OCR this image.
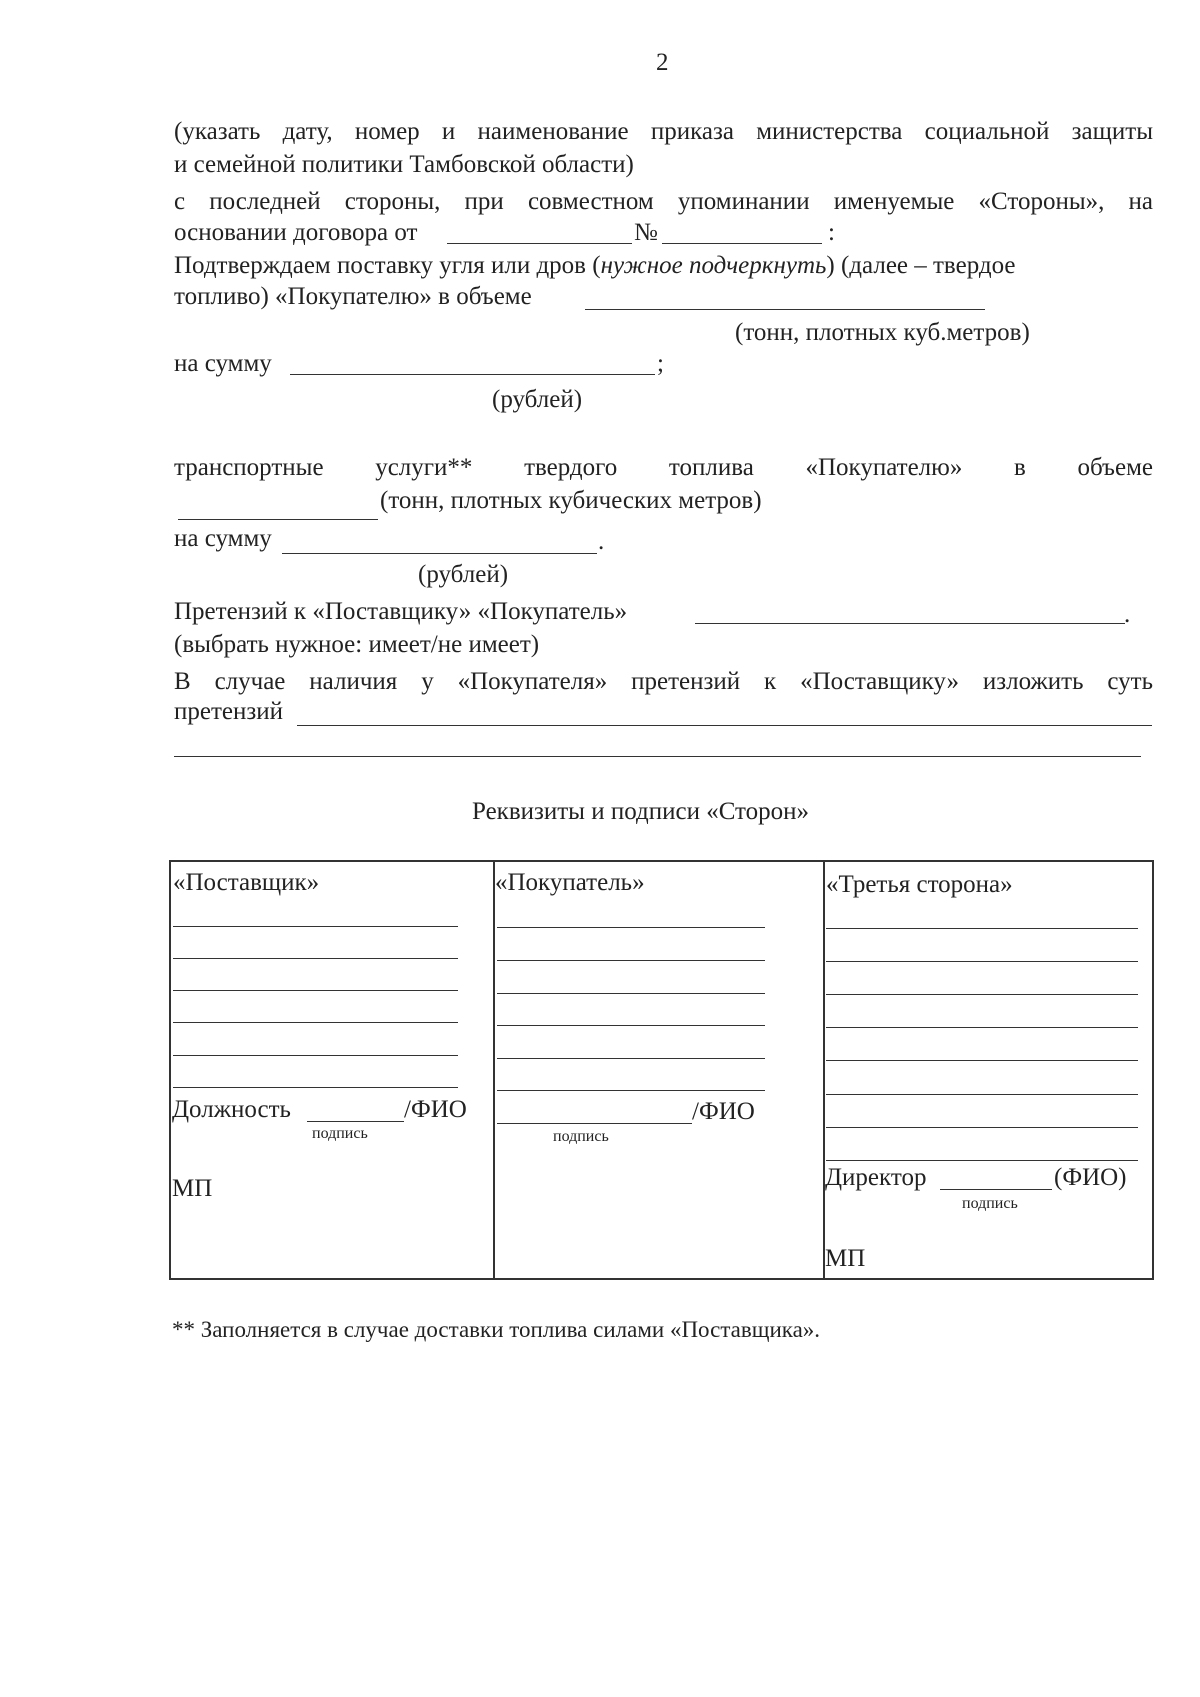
2
(указать дату, номер и наименование приказа министерства социальной защиты
и семейной политики Тамбовской области)
с последней стороны, при совместном упоминании именуемые «Стороны», на
основании договора от	№	:
Подтверждаем поставку угля или дров (нужное подчеркнуть) (далее – твердое
топливо) «Покупателю» в объеме
(тонн, плотных куб.метров)
на сумму	;
(рублей)
транспортные услуги** твердого топлива «Покупателю» в объеме
(тонн, плотных кубических метров)
на сумму	.
(рублей)
Претензий к «Поставщику» «Покупатель»	.
(выбрать нужное: имеет/не имеет)
В случае наличия у «Покупателя» претензий к «Поставщику» изложить суть
претензий
Реквизиты и подписи «Сторон»
«Поставщик»
Должность	/ФИО
подпись
МП
«Покупатель»
/ФИО
подпись
«Третья сторона»
Директор	(ФИО)
подпись
МП
** Заполняется в случае доставки топлива силами «Поставщика».
